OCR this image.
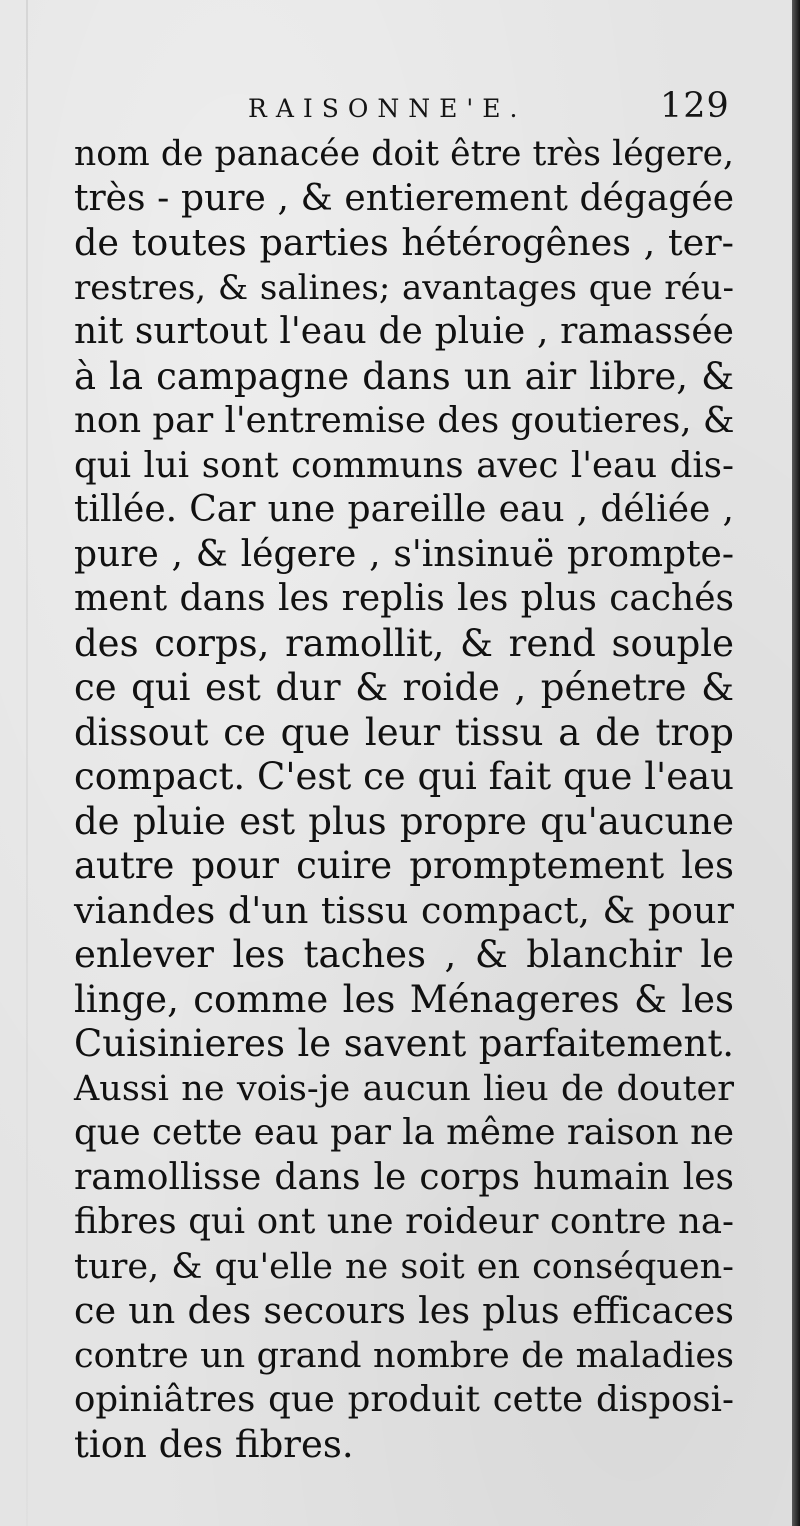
RAISONNE'E.	129
nom de panacée doit être très légere,
très - pure , & entierement dégagée
de toutes parties hétérogênes , ter-
restres, & salines; avantages que réu-
nit surtout l'eau de pluie , ramassée
à la campagne dans un air libre, &
non par l'entremise des goutieres, &
qui lui sont communs avec l'eau dis-
tillée. Car une pareille eau , déliée ,
pure , & légere , s'insinuë prompte-
ment dans les replis les plus cachés
des corps, ramollit, & rend souple
ce qui est dur & roide , pénetre &
dissout ce que leur tissu a de trop
compact. C'est ce qui fait que l'eau
de pluie est plus propre qu'aucune
autre pour cuire promptement les
viandes d'un tissu compact, & pour
enlever les taches , & blanchir le
linge, comme les Ménageres & les
Cuisinieres le savent parfaitement.
Aussi ne vois-je aucun lieu de douter
que cette eau par la même raison ne
ramollisse dans le corps humain les
fibres qui ont une roideur contre na-
ture, & qu'elle ne soit en conséquen-
ce un des secours les plus efficaces
contre un grand nombre de maladies
opiniâtres que produit cette disposi-
tion des fibres.
